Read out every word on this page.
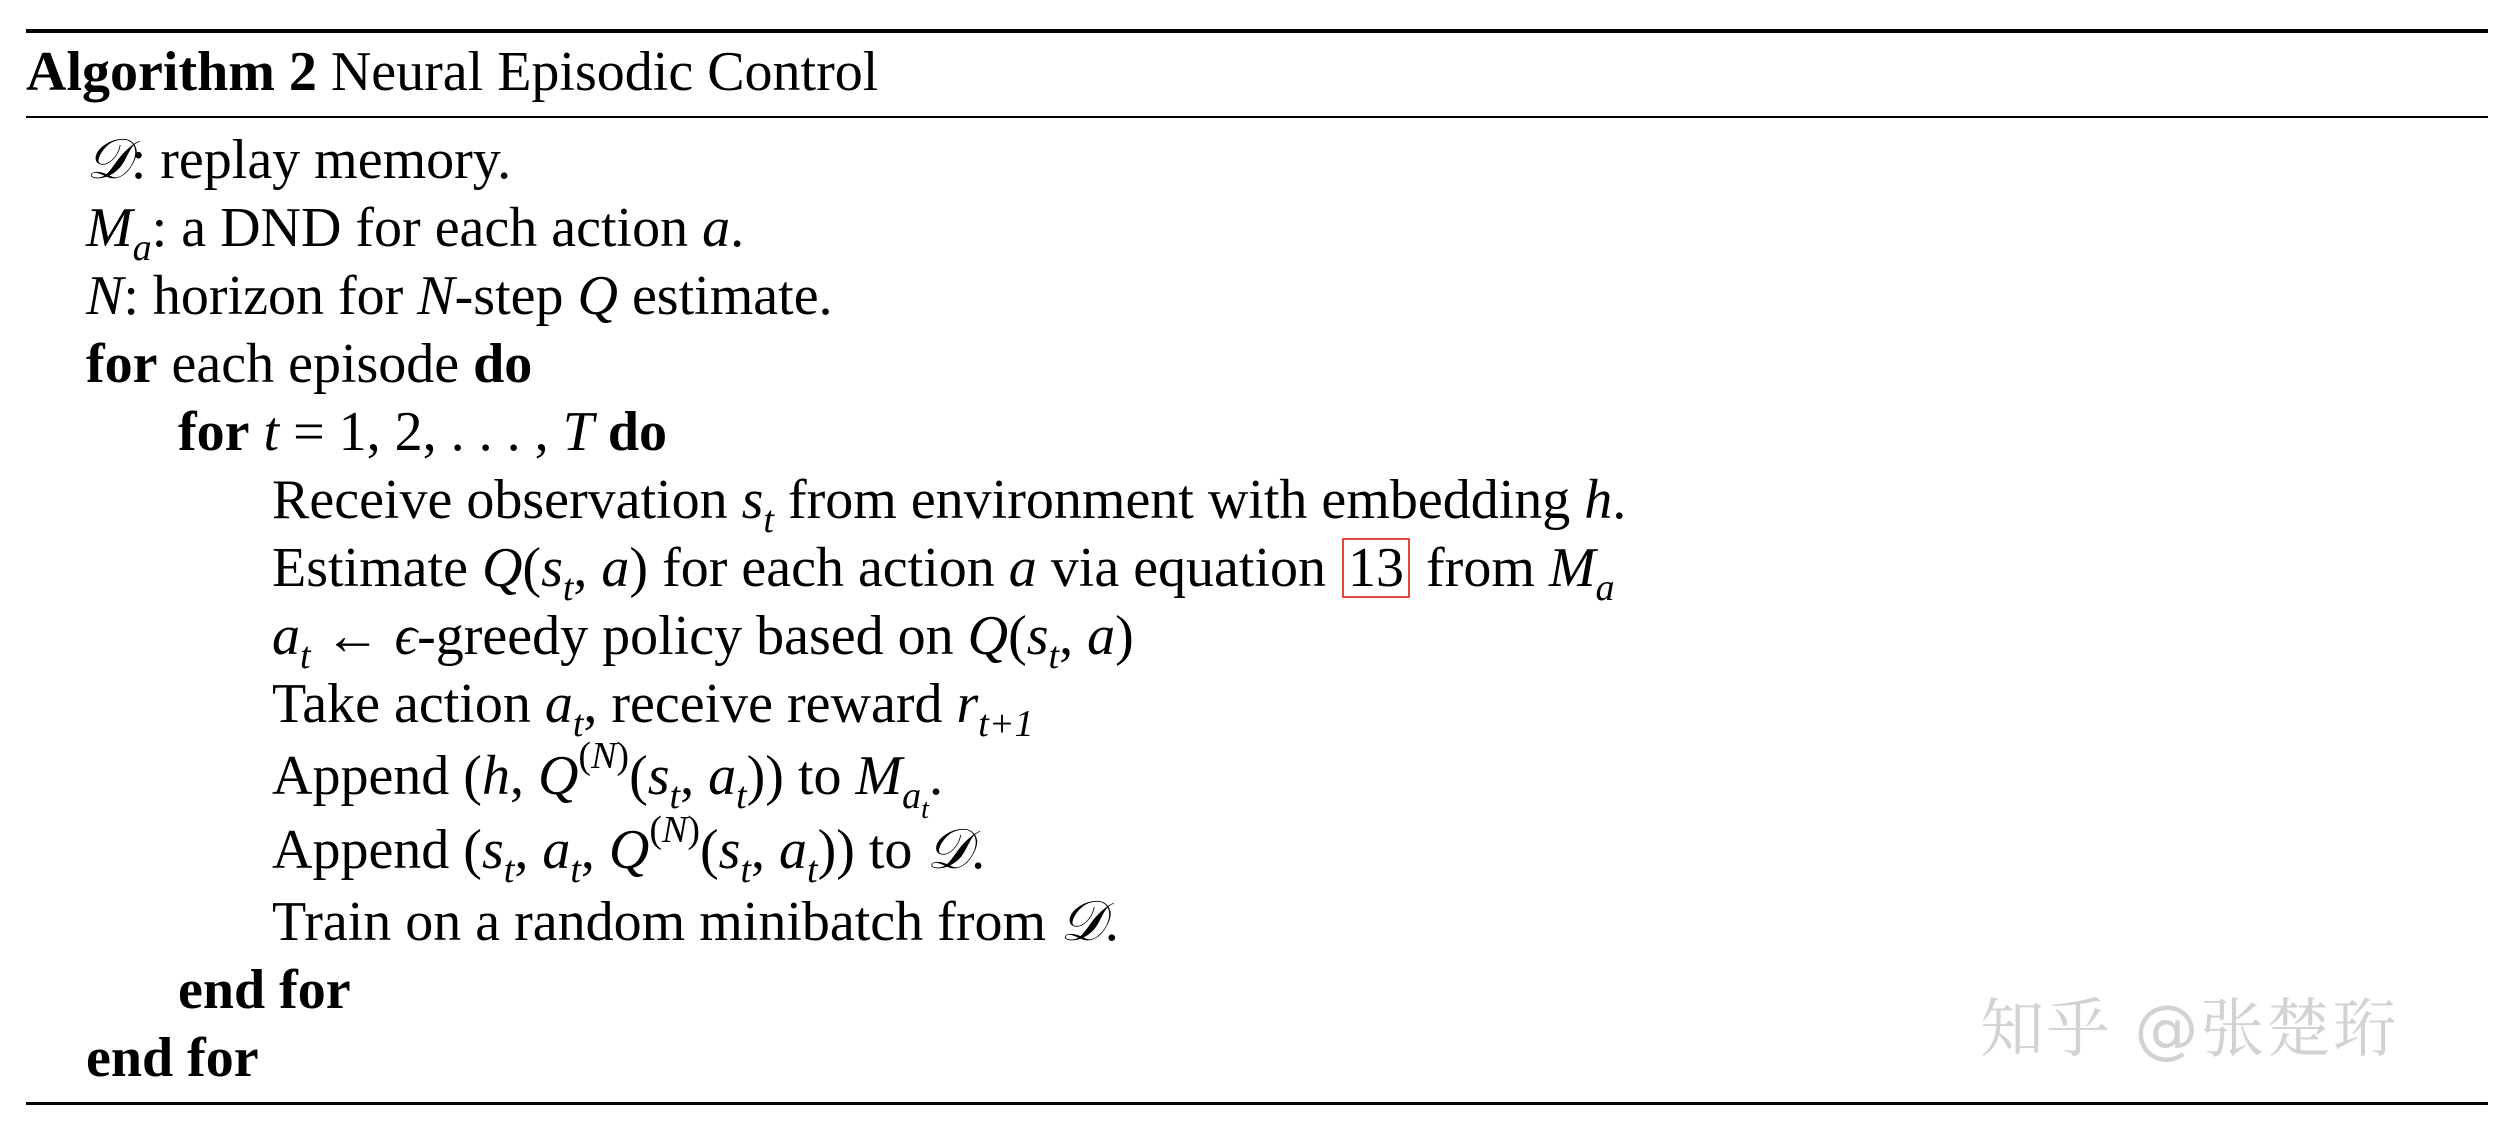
Algorithm 2 Neural Episodic Control
𝒟: replay memory.
$M_a$: a DND for each action a.
N: horizon for N-step Q estimate.
for each episode do
for t = 1, 2, . . . , T do
Receive observation $s_t$ from environment with embedding h.
Estimate $Q(s_t$, a) for each action a via equation 13 from $M_a$
$a_t$ ← ϵ-greedy policy based on $Q(s_t$, a)
Take action $a_t$, receive reward $r_{t+1}$
Append (h, $Q^{(N)}(s_t$, $a_t$)) to $M_{a_t}$.
Append ($s_t$, $a_t$, $Q^{(N)}(s_t$, $a_t$)) to 𝒟.
Train on a random minibatch from 𝒟.
end for
end for	知乎 @张楚珩
